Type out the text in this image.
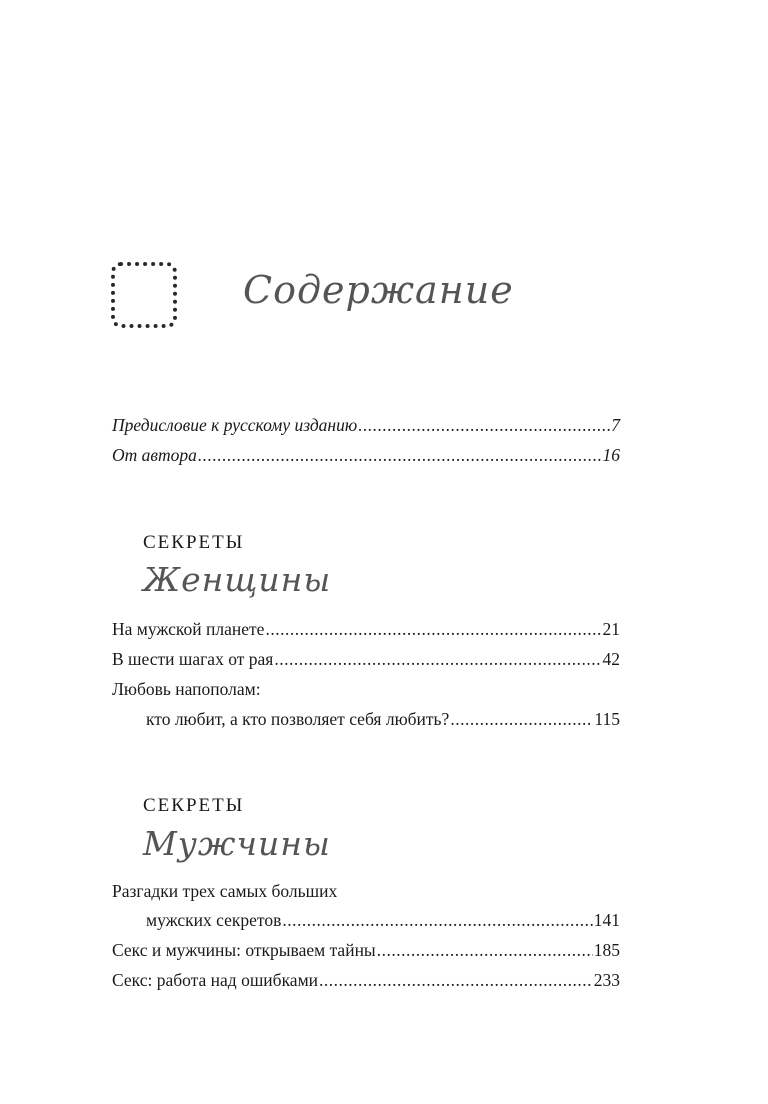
Содержание
Предисловие к русскому изданию .....	7
От автора .....	16
СЕКРЕТЫ
Женщины
На мужской планете .....	21
В шести шагах от рая .....	42
Любовь напополам:
кто любит, а кто позволяет себя любить? .....	115
СЕКРЕТЫ
Мужчины
Разгадки трех самых больших
мужских секретов .....	141
Секс и мужчины: открываем тайны .....	185
Секс: работа над ошибками .....	233
